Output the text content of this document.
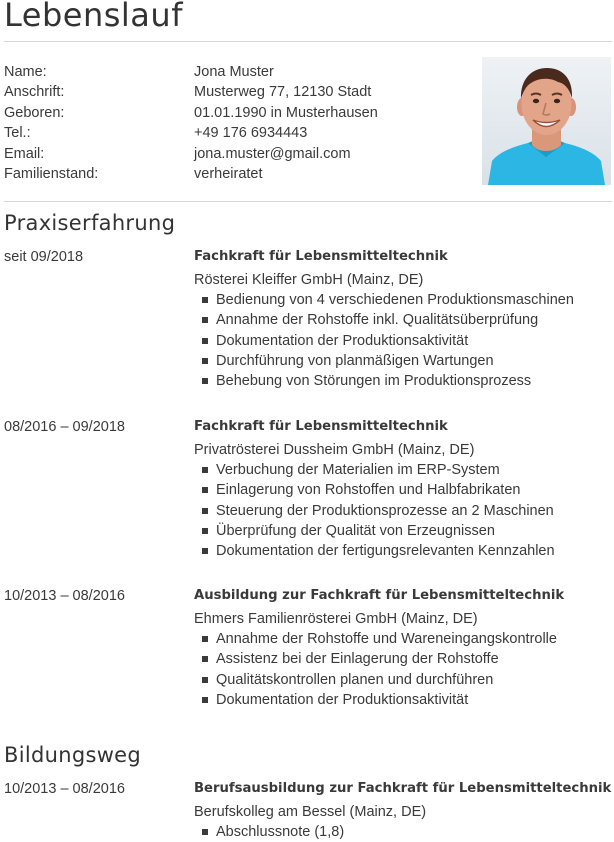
Lebenslauf
Name:	Jona Muster
Anschrift:	Musterweg 77, 12130 Stadt
Geboren:	01.01.1990 in Musterhausen
Tel.:	+49 176 6934443
Email:	jona.muster@gmail.com
Familienstand:	verheiratet
Praxiserfahrung
seit 09/2018	Fachkraft für Lebensmitteltechnik
Rösterei Kleiffer GmbH (Mainz, DE)
Bedienung von 4 verschiedenen Produktionsmaschinen
Annahme der Rohstoffe inkl. Qualitätsüberprüfung
Dokumentation der Produktionsaktivität
Durchführung von planmäßigen Wartungen
Behebung von Störungen im Produktionsprozess
08/2016 – 09/2018	Fachkraft für Lebensmitteltechnik
Privatrösterei Dussheim GmbH (Mainz, DE)
Verbuchung der Materialien im ERP-System
Einlagerung von Rohstoffen und Halbfabrikaten
Steuerung der Produktionsprozesse an 2 Maschinen
Überprüfung der Qualität von Erzeugnissen
Dokumentation der fertigungsrelevanten Kennzahlen
10/2013 – 08/2016	Ausbildung zur Fachkraft für Lebensmitteltechnik
Ehmers Familienrösterei GmbH (Mainz, DE)
Annahme der Rohstoffe und Wareneingangskontrolle
Assistenz bei der Einlagerung der Rohstoffe
Qualitätskontrollen planen und durchführen
Dokumentation der Produktionsaktivität
Bildungsweg
10/2013 – 08/2016	Berufsausbildung zur Fachkraft für Lebensmitteltechnik
Berufskolleg am Bessel (Mainz, DE)
Abschlussnote (1,8)
